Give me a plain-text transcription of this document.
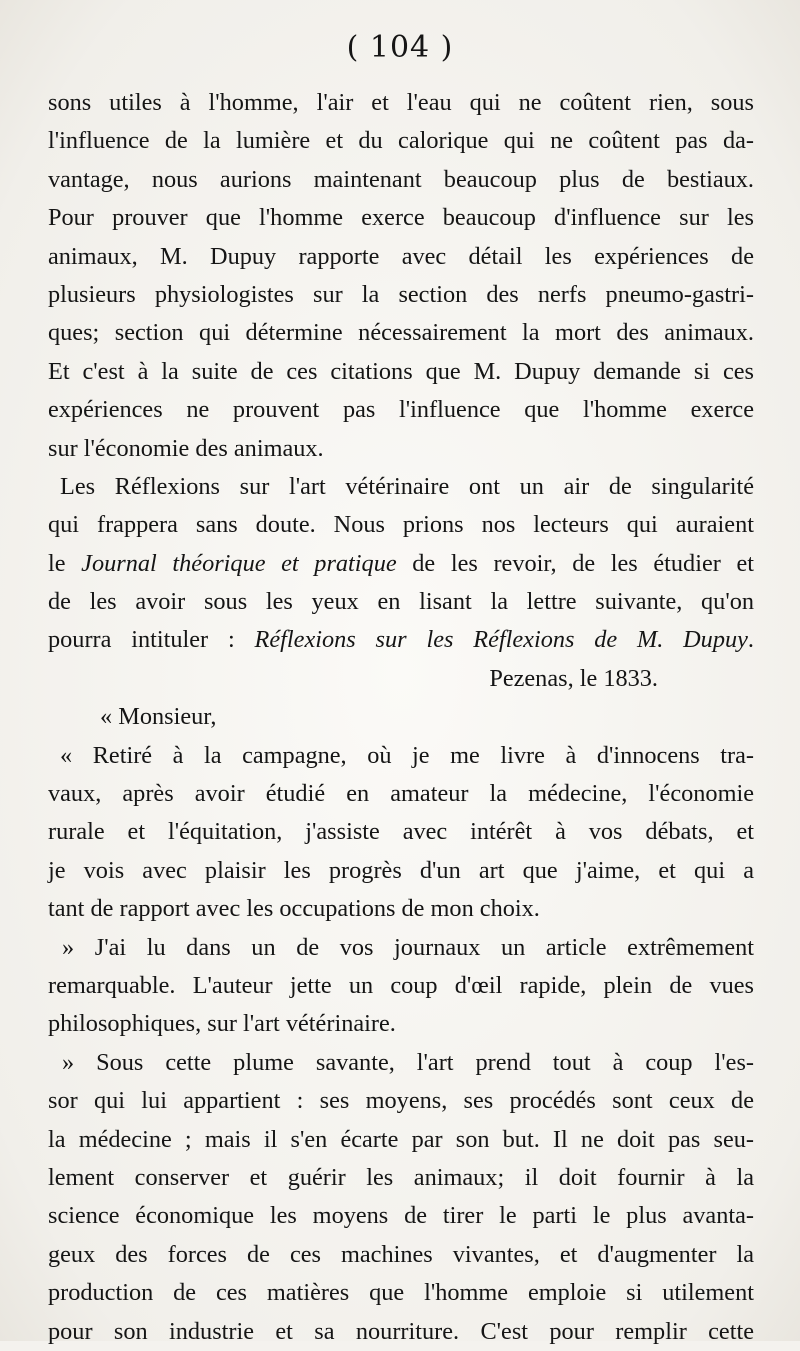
( 104 )
sons utiles à l'homme, l'air et l'eau qui ne coûtent rien, sous
l'influence de la lumière et du calorique qui ne coûtent pas da-
vantage, nous aurions maintenant beaucoup plus de bestiaux.
Pour prouver que l'homme exerce beaucoup d'influence sur les
animaux, M. Dupuy rapporte avec détail les expériences de
plusieurs physiologistes sur la section des nerfs pneumo-gastri-
ques; section qui détermine nécessairement la mort des animaux.
Et c'est à la suite de ces citations que M. Dupuy demande si ces
expériences ne prouvent pas l'influence que l'homme exerce
sur l'économie des animaux.
Les Réflexions sur l'art vétérinaire ont un air de singularité
qui frappera sans doute. Nous prions nos lecteurs qui auraient
le Journal théorique et pratique de les revoir, de les étudier et
de les avoir sous les yeux en lisant la lettre suivante, qu'on
pourra intituler : Réflexions sur les Réflexions de M. Dupuy.
Pezenas, le 1833.
« Monsieur,
« Retiré à la campagne, où je me livre à d'innocens tra-
vaux, après avoir étudié en amateur la médecine, l'économie
rurale et l'équitation, j'assiste avec intérêt à vos débats, et
je vois avec plaisir les progrès d'un art que j'aime, et qui a
tant de rapport avec les occupations de mon choix.
» J'ai lu dans un de vos journaux un article extrêmement
remarquable. L'auteur jette un coup d'œil rapide, plein de vues
philosophiques, sur l'art vétérinaire.
» Sous cette plume savante, l'art prend tout à coup l'es-
sor qui lui appartient : ses moyens, ses procédés sont ceux de
la médecine ; mais il s'en écarte par son but. Il ne doit pas seu-
lement conserver et guérir les animaux; il doit fournir à la
science économique les moyens de tirer le parti le plus avanta-
geux des forces de ces machines vivantes, et d'augmenter la
production de ces matières que l'homme emploie si utilement
pour son industrie et sa nourriture. C'est pour remplir cette
